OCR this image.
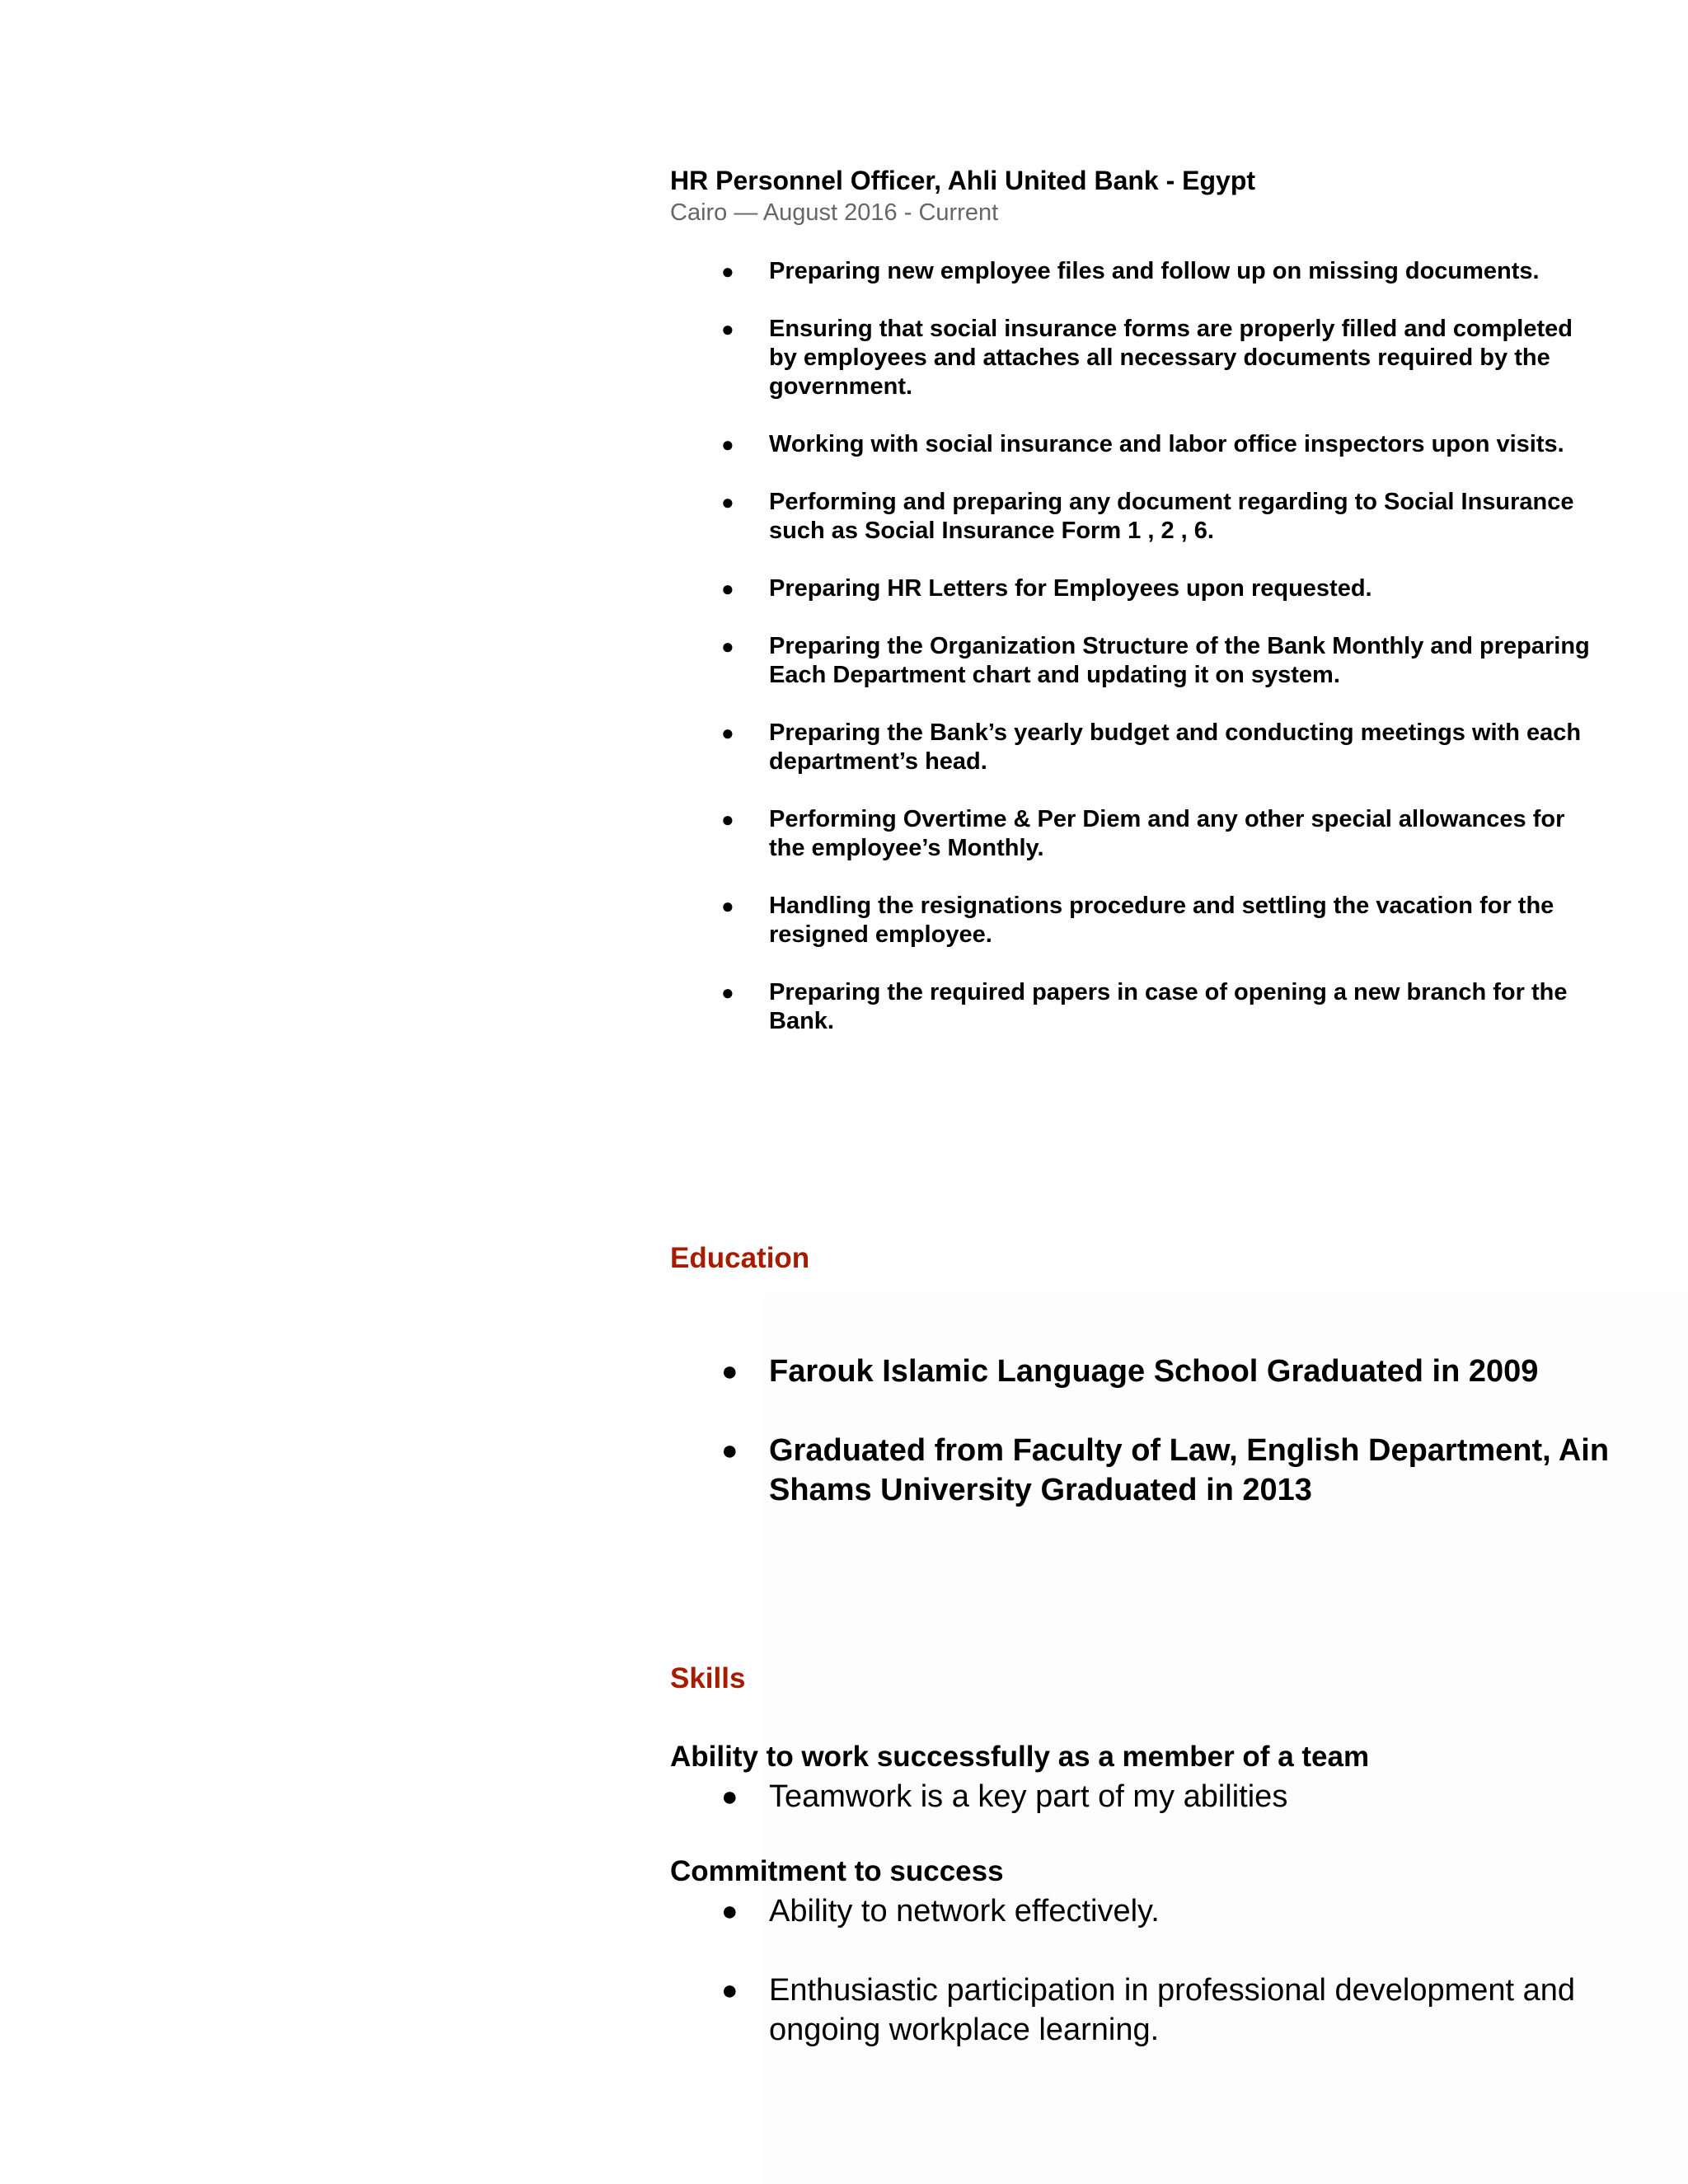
HR Personnel Officer, Ahli United Bank - Egypt
Cairo — August 2016 - Current
●	Preparing new employee files and follow up on missing documents.
●	Ensuring that social insurance forms are properly filled and completed by employees and attaches all necessary documents required by the government.
●	Working with social insurance and labor office inspectors upon visits.
●	Performing and preparing any document regarding to Social Insurance such as Social Insurance Form 1 , 2 , 6.
●	Preparing HR Letters for Employees upon requested.
●	Preparing the Organization Structure of the Bank Monthly and preparing Each Department chart and updating it on system.
●	Preparing the Bank’s yearly budget and conducting meetings with each department’s head.
●	Performing Overtime & Per Diem and any other special allowances for the employee’s Monthly.
●	Handling the resignations procedure and settling the vacation for the resigned employee.
●	Preparing the required papers in case of opening a new branch for the Bank.
Education
● Farouk Islamic Language School Graduated in 2009
● Graduated from Faculty of Law, English Department, Ain Shams University Graduated in 2013
Skills
Ability to work successfully as a member of a team
● Teamwork is a key part of my abilities
Commitment to success
● Ability to network effectively.
● Enthusiastic participation in professional development and ongoing workplace learning.
